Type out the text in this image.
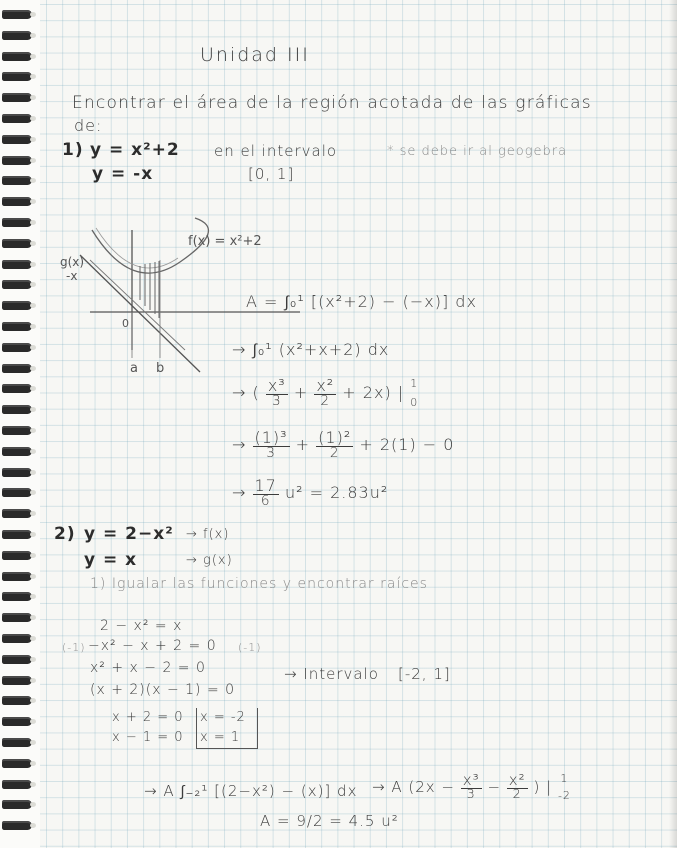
Unidad III
Encontrar el área de la región acotada de las gráficas
de:
1) y = x²+2 en el intervalo	* se debe ir al geogebra
y = -x	[0, 1]
f(x) = x²+2
g(x)
-x
0
a b
A = ∫₀¹ [(x²+2) − (−x)] dx
→ ∫₀¹ (x²+x+2) dx
→ ( $\frac{\text{x³}}{3} + \frac{\text{x²}}{2} + 2x$) | 1
0
→ $\frac{\text{(1)³}}{3} + \frac{\text{(1)²}}{2} + 2(1) - 0$
→ $\frac{17}{6} u^2 = 2.83u^2$
2) y = 2−x² → f(x)
y = x	→ g(x)
1) Igualar las funciones y encontrar raíces
2 − x² = x
(-1) −x² − x + 2 = 0 (-1)
x² + x − 2 = 0	→ Intervalo [-2, 1]
(x + 2)(x − 1) = 0
x + 2 = 0 x = -2
x − 1 = 0 x = 1
→ A ∫₋₂¹ [(2−x²) − (x)] dx → A ($2x - \frac{\text{x³}}{3} - \frac{\text{x²}}{2}$ ) | 1
-2
A = 9/2 = 4.5 u²
